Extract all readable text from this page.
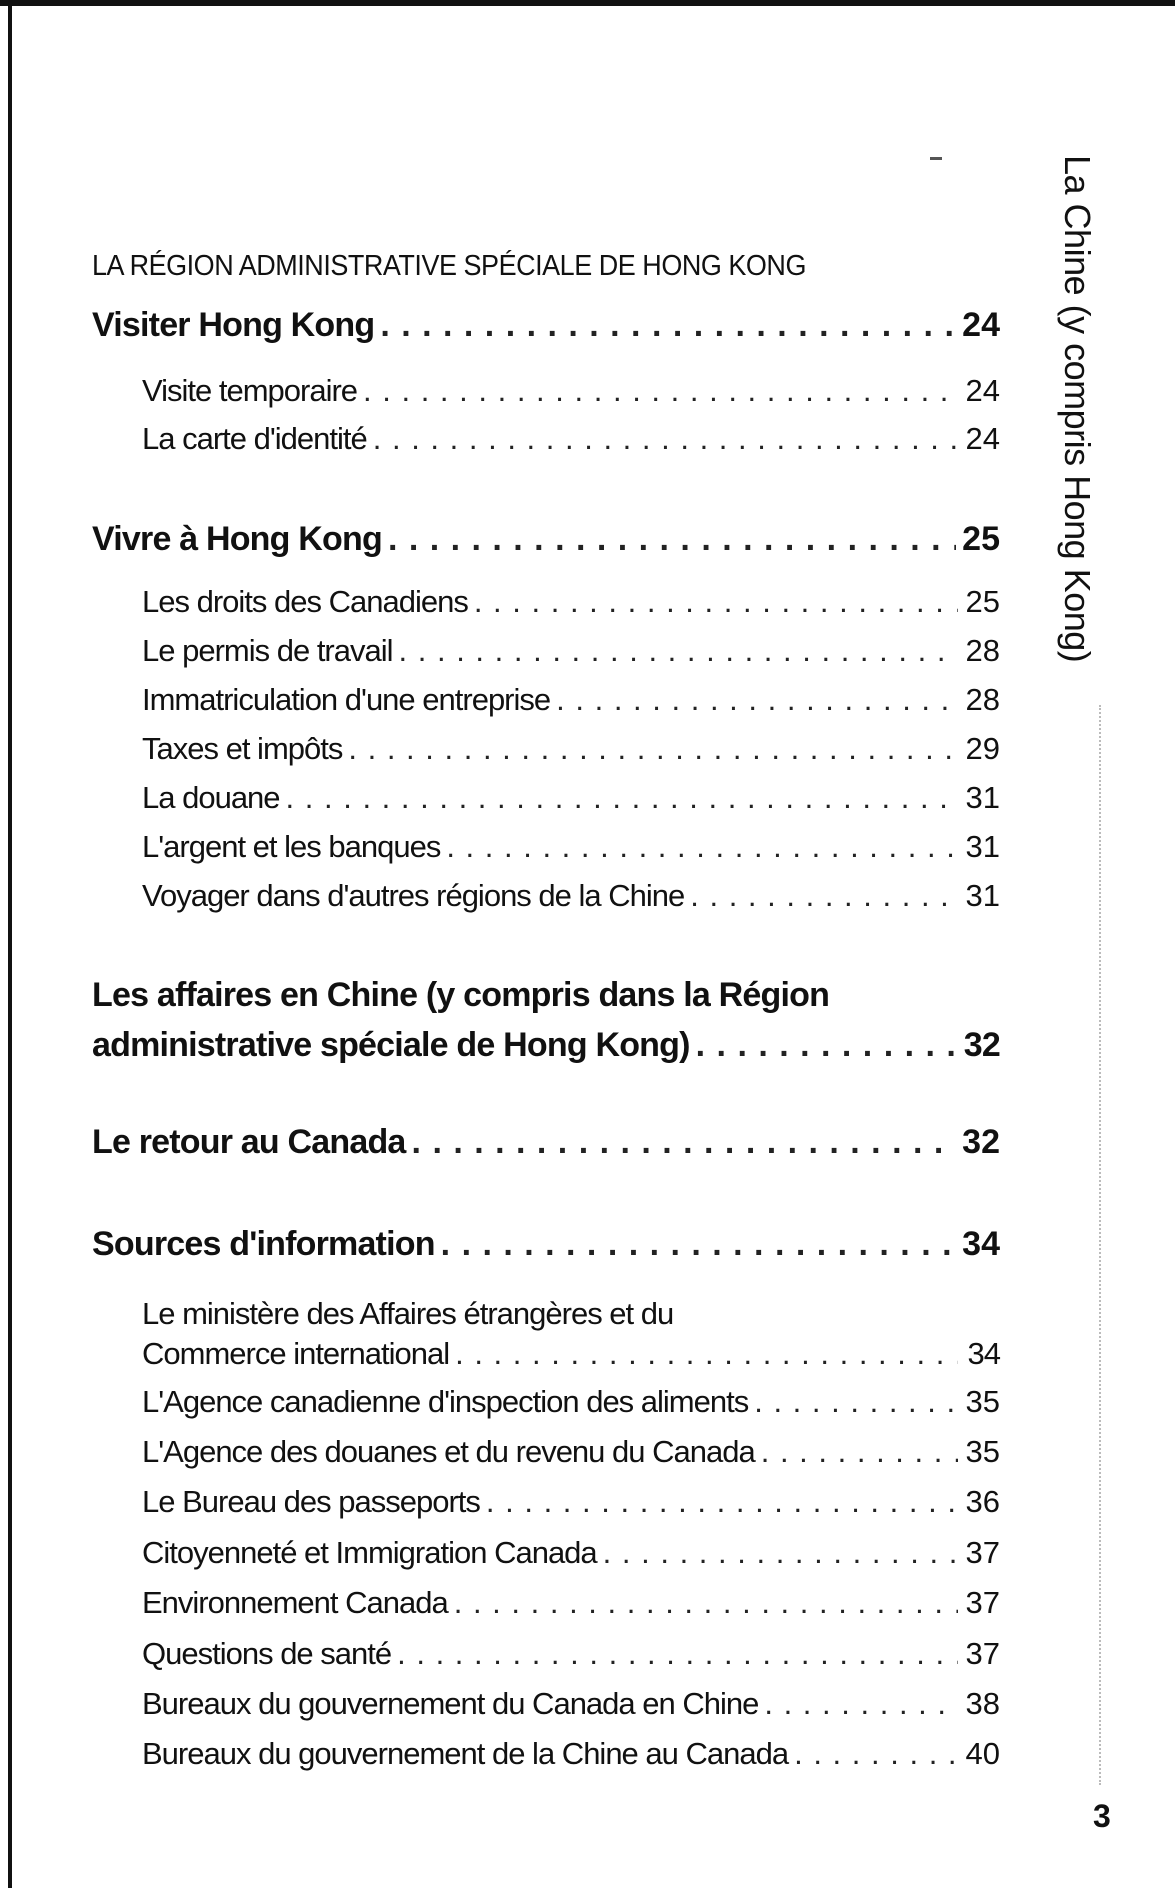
LA RÉGION ADMINISTRATIVE SPÉCIALE DE HONG KONG
Visiter Hong Kong . . .	24
Visite temporaire . . .	24
La carte d'identité . . .	24
Vivre à Hong Kong . . .	25
Les droits des Canadiens . . .	25
Le permis de travail . . .	28
Immatriculation d'une entreprise . . .	28
Taxes et impôts . . .	29
La douane . . .	31
L'argent et les banques . . .	31
Voyager dans d'autres régions de la Chine . . .	31
Les affaires en Chine (y compris dans la Région
administrative spéciale de Hong Kong) . . .	32
Le retour au Canada . . .	32
Sources d'information . . .	34
Le ministère des Affaires étrangères et du
Commerce international . . .	34
L'Agence canadienne d'inspection des aliments . . .	35
L'Agence des douanes et du revenu du Canada . . .	35
Le Bureau des passeports . . .	36
Citoyenneté et Immigration Canada . . .	37
Environnement Canada . . .	37
Questions de santé . . .	37
Bureaux du gouvernement du Canada en Chine . . .	38
Bureaux du gouvernement de la Chine au Canada . . .	40
La Chine (y compris Hong Kong)
3
